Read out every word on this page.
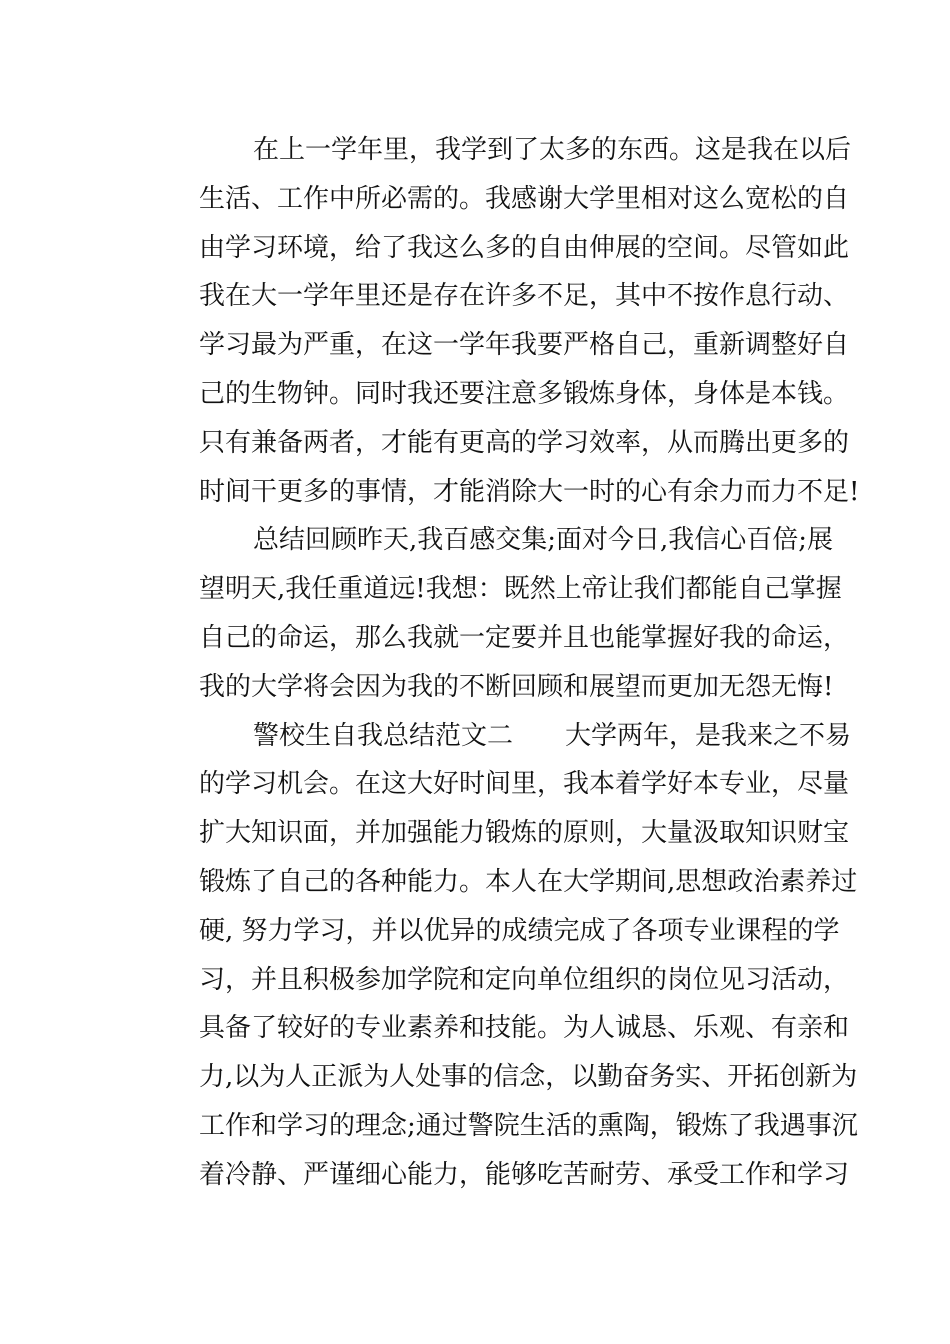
在上一学年里，我学到了太多的东西。这是我在以后
生活、工作中所必需的。我感谢大学里相对这么宽松的自
由学习环境，给了我这么多的自由伸展的空间。尽管如此
我在大一学年里还是存在许多不足，其中不按作息行动、
学习最为严重，在这一学年我要严格自己，重新调整好自
己的生物钟。同时我还要注意多锻炼身体，身体是本钱。
只有兼备两者，才能有更高的学习效率，从而腾出更多的
时间干更多的事情，才能消除大一时的心有余力而力不足!
总结回顾昨天,我百感交集;面对今日,我信心百倍;展
望明天,我任重道远!我想：既然上帝让我们都能自己掌握
自己的命运，那么我就一定要并且也能掌握好我的命运，
我的大学将会因为我的不断回顾和展望而更加无怨无悔!
警校生自我总结范文二　　大学两年，是我来之不易
的学习机会。在这大好时间里，我本着学好本专业，尽量
扩大知识面，并加强能力锻炼的原则，大量汲取知识财宝
锻炼了自己的各种能力。本人在大学期间,思想政治素养过
硬, 努力学习，并以优异的成绩完成了各项专业课程的学
习，并且积极参加学院和定向单位组织的岗位见习活动，
具备了较好的专业素养和技能。为人诚恳、乐观、有亲和
力,以为人正派为人处事的信念，以勤奋务实、开拓创新为
工作和学习的理念;通过警院生活的熏陶，锻炼了我遇事沉
着冷静、严谨细心能力，能够吃苦耐劳、承受工作和学习
